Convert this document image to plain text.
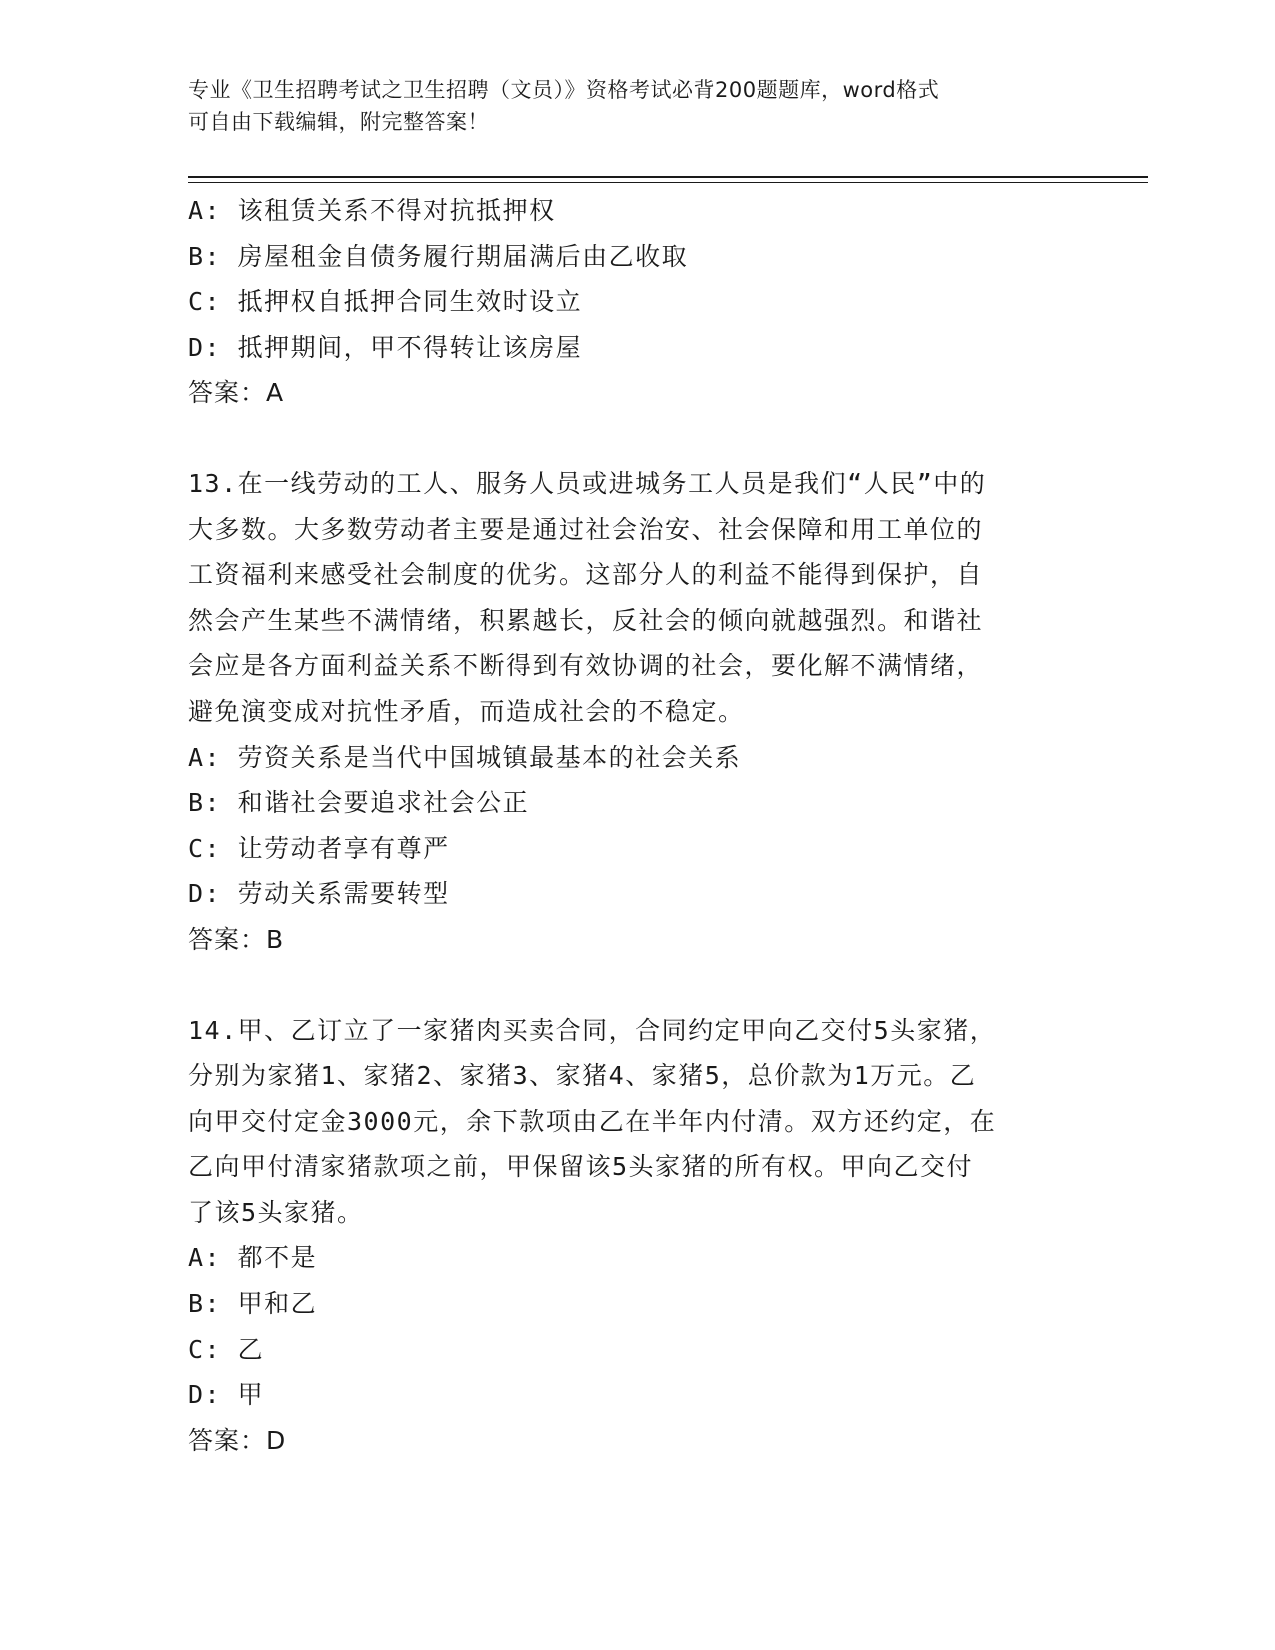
专业《卫生招聘考试之卫生招聘（文员）》资格考试必背200题题库，word格式
可自由下载编辑，附完整答案！
A: 该租赁关系不得对抗抵押权
B: 房屋租金自债务履行期届满后由乙收取
C: 抵押权自抵押合同生效时设立
D: 抵押期间，甲不得转让该房屋
答案：A
13.在一线劳动的工人、服务人员或进城务工人员是我们“人民”中的
大多数。大多数劳动者主要是通过社会治安、社会保障和用工单位的
工资福利来感受社会制度的优劣。这部分人的利益不能得到保护，自
然会产生某些不满情绪，积累越长，反社会的倾向就越强烈。和谐社
会应是各方面利益关系不断得到有效协调的社会，要化解不满情绪，
避免演变成对抗性矛盾，而造成社会的不稳定。
A: 劳资关系是当代中国城镇最基本的社会关系
B: 和谐社会要追求社会公正
C: 让劳动者享有尊严
D: 劳动关系需要转型
答案：B
14.甲、乙订立了一家猪肉买卖合同，合同约定甲向乙交付5头家猪，
分别为家猪1、家猪2、家猪3、家猪4、家猪5，总价款为1万元。乙
向甲交付定金3000元，余下款项由乙在半年内付清。双方还约定，在
乙向甲付清家猪款项之前，甲保留该5头家猪的所有权。甲向乙交付
了该5头家猪。
A: 都不是
B: 甲和乙
C: 乙
D: 甲
答案：D
